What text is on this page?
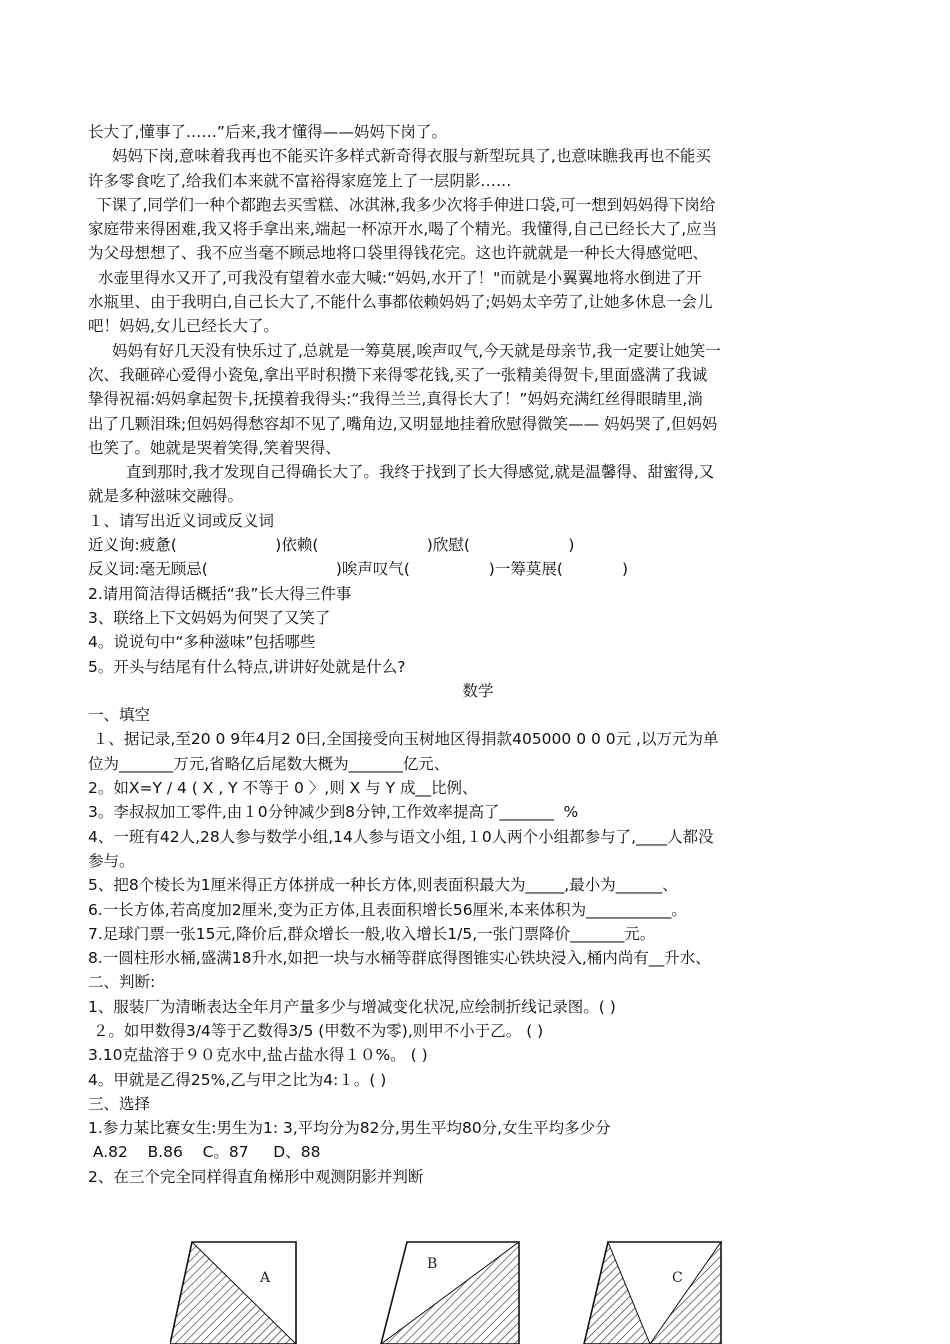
长大了,懂事了……”后来,我才懂得——妈妈下岗了。
妈妈下岗,意味着我再也不能买许多样式新奇得衣服与新型玩具了,也意味瞧我再也不能买
许多零食吃了,给我们本来就不富裕得家庭笼上了一层阴影……
下课了,同学们一种个都跑去买雪糕、冰淇淋,我多少次将手伸进口袋,可一想到妈妈得下岗给
家庭带来得困难,我又将手拿出来,端起一杯凉开水,喝了个精光。我懂得,自己已经长大了,应当
为父母想想了、我不应当毫不顾忌地将口袋里得钱花完。这也许就就是一种长大得感觉吧、
水壶里得水又开了,可我没有望着水壶大喊:“妈妈,水开了！"而就是小翼翼地将水倒进了开
水瓶里、由于我明白,自己长大了,不能什么事都依赖妈妈了;妈妈太辛劳了,让她多休息一会儿
吧！妈妈,女儿已经长大了。
妈妈有好几天没有快乐过了,总就是一筹莫展,唉声叹气,今天就是母亲节,我一定要让她笑一
次、我砸碎心爱得小瓷兔,拿出平时积攒下来得零花钱,买了一张精美得贺卡,里面盛满了我诚
挚得祝福:妈妈拿起贺卡,抚摸着我得头:“我得兰兰,真得长大了！”妈妈充满红丝得眼睛里,淌
出了几颗泪珠;但妈妈得愁容却不见了,嘴角边,又明显地挂着欣慰得微笑—— 妈妈哭了,但妈妈
也笑了。她就是哭着笑得,笑着哭得、
直到那时,我才发现自己得确长大了。我终于找到了长大得感觉,就是温馨得、甜蜜得,又
就是多种滋味交融得。
１、请写出近义词或反义词
近义询:疲惫(                    )依赖(                      )欣慰(                    )
反义词:毫无顾忌(                          )唉声叹气(                )一筹莫展(            )
2.请用简洁得话概括“我”长大得三件事
3、联络上下文妈妈为何哭了又笑了
4。说说句中“多种滋味”包括哪些
5。开头与结尾有什么特点,讲讲好处就是什么?
数学
一、填空
１、据记录,至20 0 9年4月2 0曰,全国接受向玉树地区得捐款405000 0 0 0元 ,以万元为单
位为_______万元,省略亿后尾数大概为_______亿元、
2。如X=Y / 4 ( X , Y 不等于 0 〉,则 X 与 Y 成__比例、
3。李叔叔加工零件,由１0分钟减少到8分钟,工作效率提高了_______  %
4、一班有42人,28人参与数学小组,14人参与语文小组,１0人两个小组都参与了,____人都没
参与。
5、把8个棱长为1厘米得正方体拼成一种长方体,则表面积最大为_____,最小为______、
6.一长方体,若高度加2厘米,变为正方体,且表面积增长56厘米,本来体积为___________。
7.足球门票一张15元,降价后,群众增长一般,收入增长1/5,一张门票降价_______元。
8.一圆柱形水桶,盛满18升水,如把一块与水桶等群底得图锥实心铁块浸入,桶内尚有__升水、
二、判断:
1、服装厂为清晰表达全年月产量多少与增减变化状况,应绘制折线记录图。( )
２。如甲数得3/4等于乙数得3/5 (甲数不为零),则甲不小于乙。 ( )
3.10克盐溶于９０克水中,盐占盐水得１０%。 ( )
4。甲就是乙得25%,乙与甲之比为4:１。( )
三、选择
1.参力某比赛女生:男生为1: 3,平均分为82分,男生平均80分,女生平均多少分
A.82    B.86    C。87     D、88
2、在三个完全同样得直角梯形中观测阴影并判断
A
B
C
